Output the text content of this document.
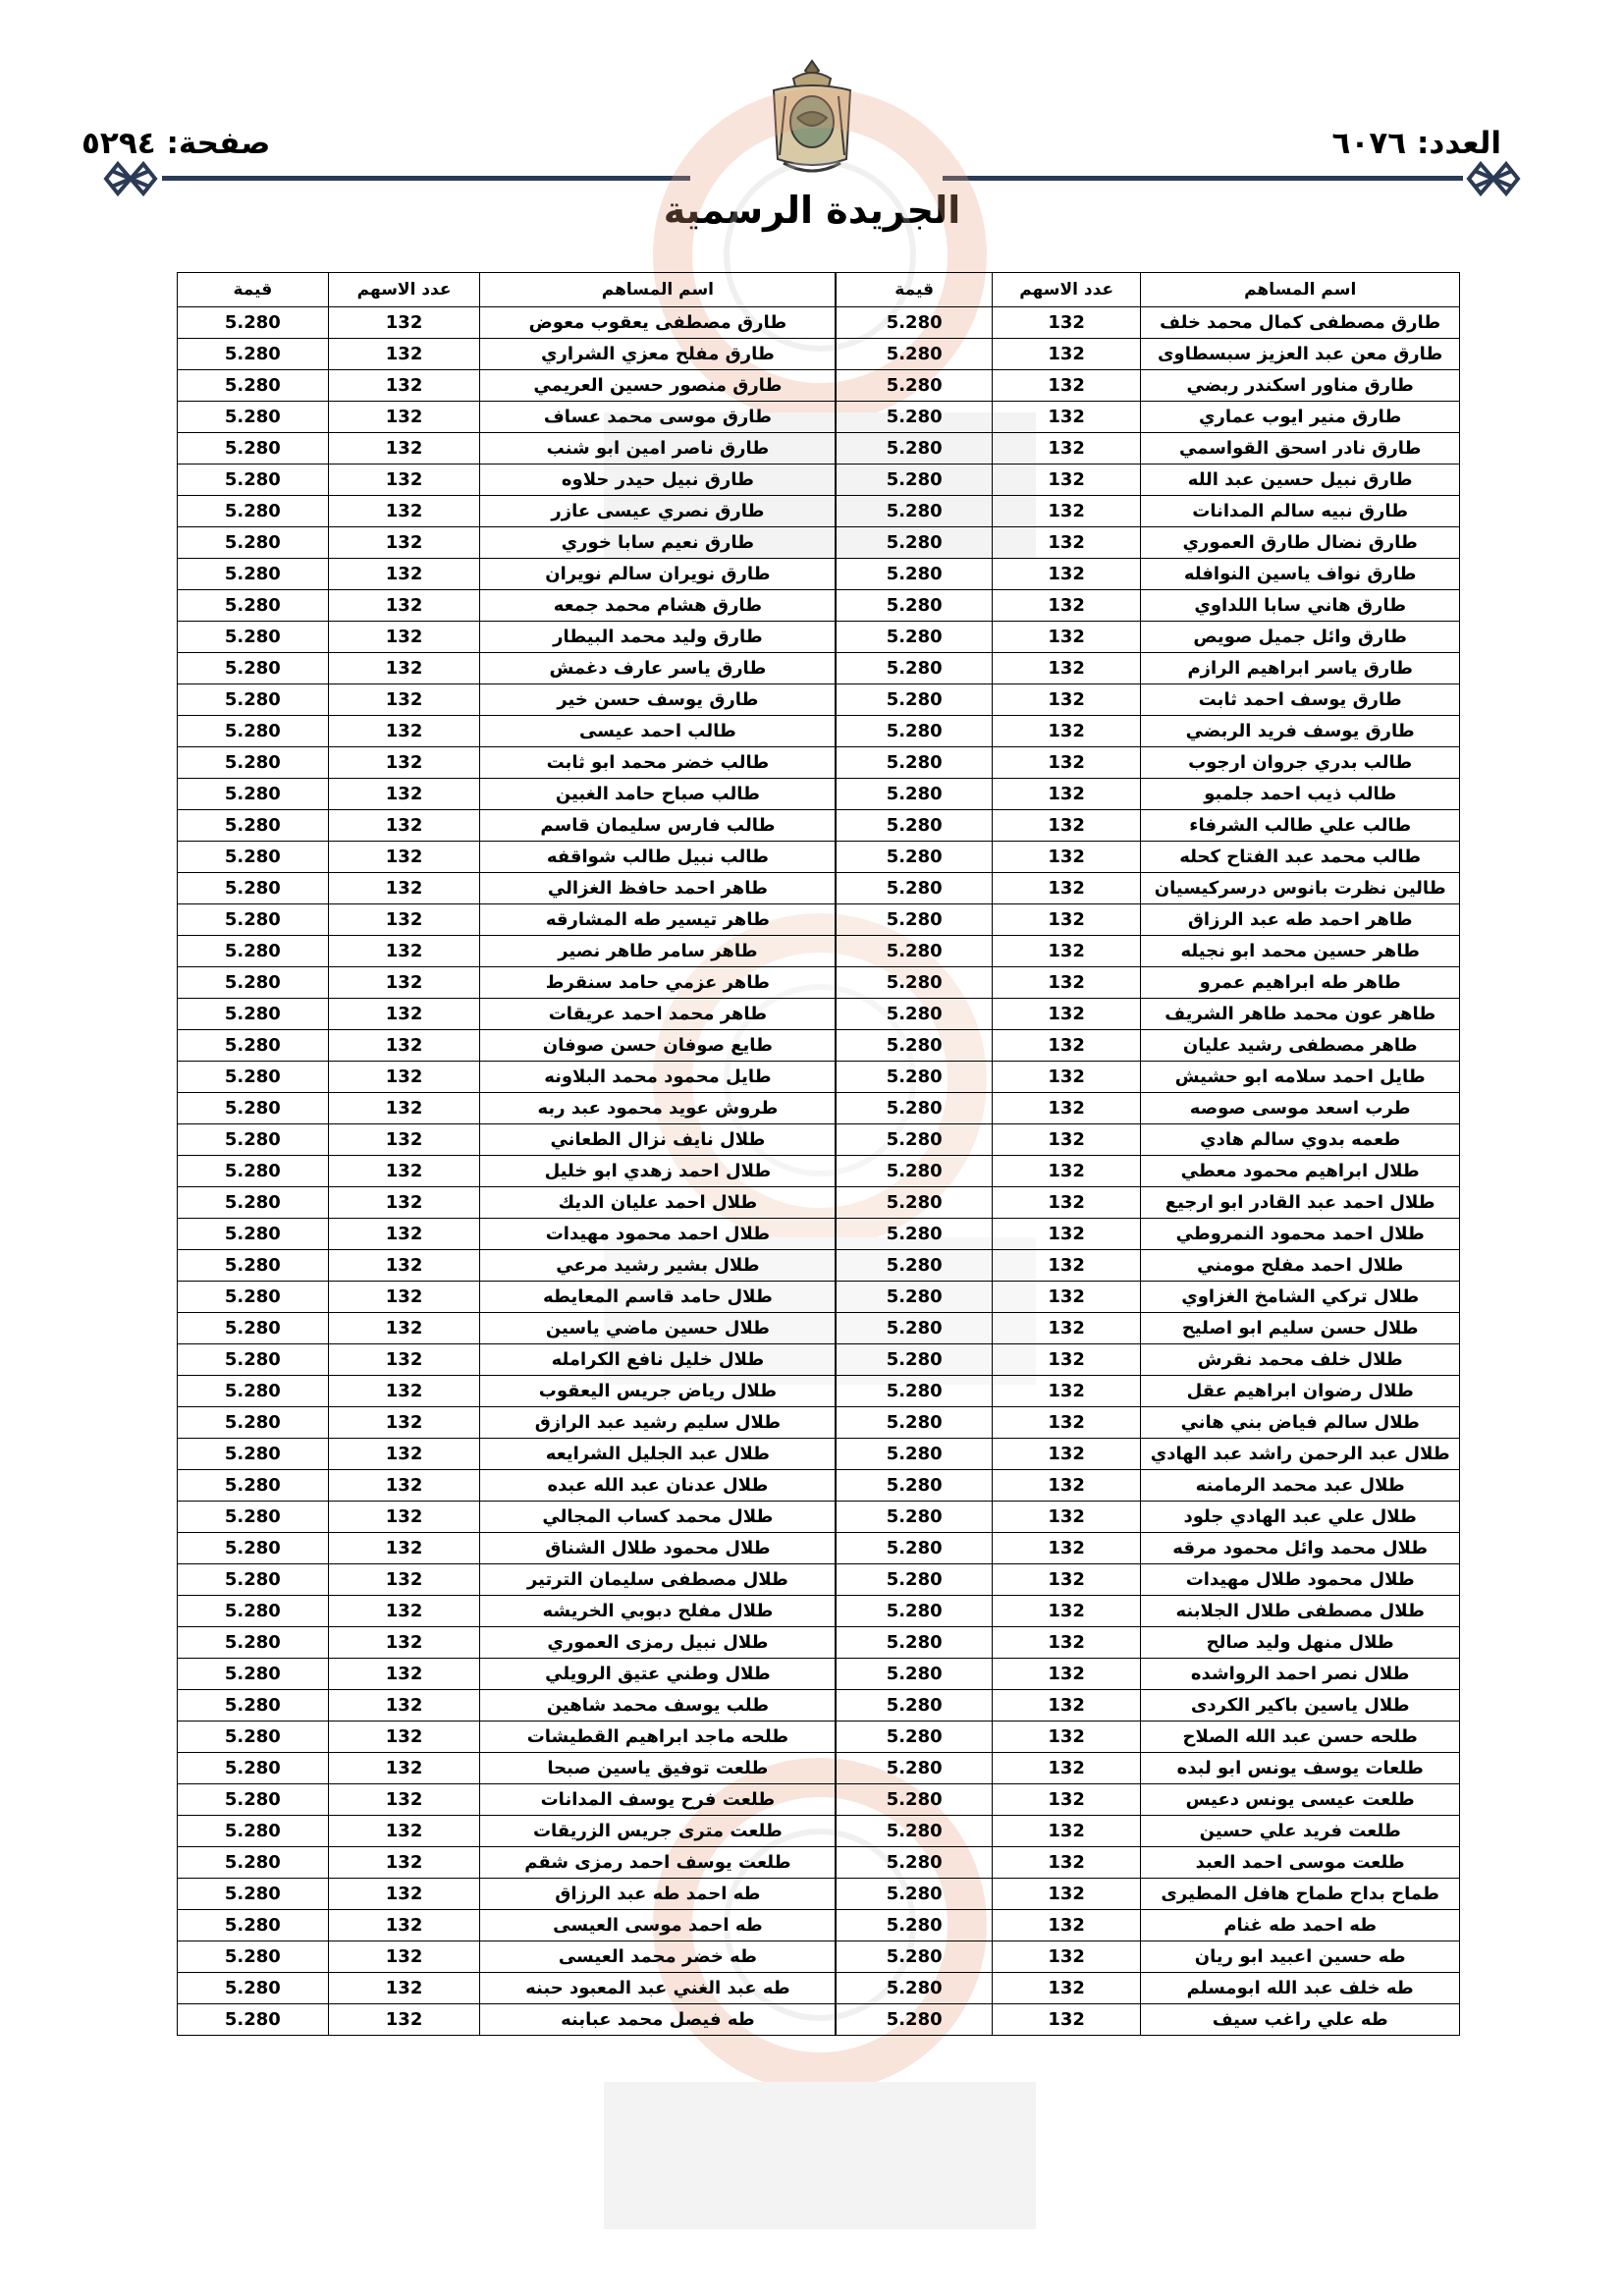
العدد: ٦٠٧٦
صفحة: ٥٢٩٤
الجريدة الرسمية
اسم المساهم	عدد الاسهم	قيمة	اسم المساهم	عدد الاسهم	قيمة
طارق مصطفى كمال محمد خلف	132	5.280	طارق مصطفى يعقوب معوض	132	5.280
طارق معن عبد العزيز سبسطاوى	132	5.280	طارق مفلح معزي الشراري	132	5.280
طارق مناور اسكندر ربضي	132	5.280	طارق منصور حسين العريمي	132	5.280
طارق منير ايوب عماري	132	5.280	طارق موسى محمد عساف	132	5.280
طارق نادر اسحق القواسمي	132	5.280	طارق ناصر امين ابو شنب	132	5.280
طارق نبيل حسين عبد الله	132	5.280	طارق نبيل حيدر حلاوه	132	5.280
طارق نبيه سالم المدانات	132	5.280	طارق نصري عيسى عازر	132	5.280
طارق نضال طارق العموري	132	5.280	طارق نعيم سابا خوري	132	5.280
طارق نواف ياسين النوافله	132	5.280	طارق نويران سالم نويران	132	5.280
طارق هاني سابا اللداوي	132	5.280	طارق هشام محمد جمعه	132	5.280
طارق وائل جميل صويص	132	5.280	طارق وليد محمد البيطار	132	5.280
طارق ياسر ابراهيم الرازم	132	5.280	طارق ياسر عارف دغمش	132	5.280
طارق يوسف احمد ثابت	132	5.280	طارق يوسف حسن خير	132	5.280
طارق يوسف فريد الربضي	132	5.280	طالب احمد عيسى	132	5.280
طالب بدري جروان ارجوب	132	5.280	طالب خضر محمد ابو ثابت	132	5.280
طالب ذيب احمد جلمبو	132	5.280	طالب صباح حامد الغبين	132	5.280
طالب علي طالب الشرفاء	132	5.280	طالب فارس سليمان قاسم	132	5.280
طالب محمد عبد الفتاح كحله	132	5.280	طالب نبيل طالب شواقفه	132	5.280
طالين نظرت بانوس درسركيسيان	132	5.280	طاهر احمد حافظ الغزالي	132	5.280
طاهر احمد طه عبد الرزاق	132	5.280	طاهر تيسير طه المشارقه	132	5.280
طاهر حسين محمد ابو نجيله	132	5.280	طاهر سامر طاهر نصير	132	5.280
طاهر طه ابراهيم عمرو	132	5.280	طاهر عزمي حامد سنقرط	132	5.280
طاهر عون محمد طاهر الشريف	132	5.280	طاهر محمد احمد عريقات	132	5.280
طاهر مصطفى رشيد عليان	132	5.280	طايع صوفان حسن صوفان	132	5.280
طايل احمد سلامه ابو حشيش	132	5.280	طايل محمود محمد البلاونه	132	5.280
طرب اسعد موسى صوصه	132	5.280	طروش عويد محمود عبد ربه	132	5.280
طعمه بدوي سالم هادي	132	5.280	طلال نايف نزال الطعاني	132	5.280
طلال ابراهيم محمود معطي	132	5.280	طلال احمد زهدي ابو خليل	132	5.280
طلال احمد عبد القادر ابو ارجيع	132	5.280	طلال احمد عليان الديك	132	5.280
طلال احمد محمود النمروطي	132	5.280	طلال احمد محمود مهيدات	132	5.280
طلال احمد مفلح مومني	132	5.280	طلال بشير رشيد مرعي	132	5.280
طلال تركي الشامخ الغزاوي	132	5.280	طلال حامد قاسم المعايطه	132	5.280
طلال حسن سليم ابو اصليح	132	5.280	طلال حسين ماضي ياسين	132	5.280
طلال خلف محمد نقرش	132	5.280	طلال خليل نافع الكرامله	132	5.280
طلال رضوان ابراهيم عقل	132	5.280	طلال رياض جريس اليعقوب	132	5.280
طلال سالم فياض بني هاني	132	5.280	طلال سليم رشيد عبد الرازق	132	5.280
طلال عبد الرحمن راشد عبد الهادي	132	5.280	طلال عبد الجليل الشرايعه	132	5.280
طلال عبد محمد الرمامنه	132	5.280	طلال عدنان عبد الله عبده	132	5.280
طلال علي عبد الهادي جلود	132	5.280	طلال محمد كساب المجالي	132	5.280
طلال محمد وائل محمود مرقه	132	5.280	طلال محمود طلال الشناق	132	5.280
طلال محمود طلال مهيدات	132	5.280	طلال مصطفى سليمان الترتير	132	5.280
طلال مصطفى طلال الجلابنه	132	5.280	طلال مفلح دبوبي الخريشه	132	5.280
طلال منهل وليد صالح	132	5.280	طلال نبيل رمزى العموري	132	5.280
طلال نصر احمد الرواشده	132	5.280	طلال وطني عتيق الرويلي	132	5.280
طلال ياسين باكير الكردى	132	5.280	طلب يوسف محمد شاهين	132	5.280
طلحه حسن عبد الله الصلاح	132	5.280	طلحه ماجد ابراهيم القطيشات	132	5.280
طلعات يوسف يونس ابو لبده	132	5.280	طلعت توفيق ياسين صبحا	132	5.280
طلعت عيسى يونس دعيس	132	5.280	طلعت فرح يوسف المدانات	132	5.280
طلعت فريد علي حسين	132	5.280	طلعت مترى جريس الزريقات	132	5.280
طلعت موسى احمد العبد	132	5.280	طلعت يوسف احمد رمزى شقم	132	5.280
طماح بداح طماح هافل المطيرى	132	5.280	طه احمد طه عبد الرزاق	132	5.280
طه احمد طه غنام	132	5.280	طه احمد موسى العيسى	132	5.280
طه حسين اعبيد ابو ريان	132	5.280	طه خضر محمد العيسى	132	5.280
طه خلف عبد الله ابومسلم	132	5.280	طه عبد الغني عبد المعبود حبنه	132	5.280
طه علي راغب سيف	132	5.280	طه فيصل محمد عبابنه	132	5.280
